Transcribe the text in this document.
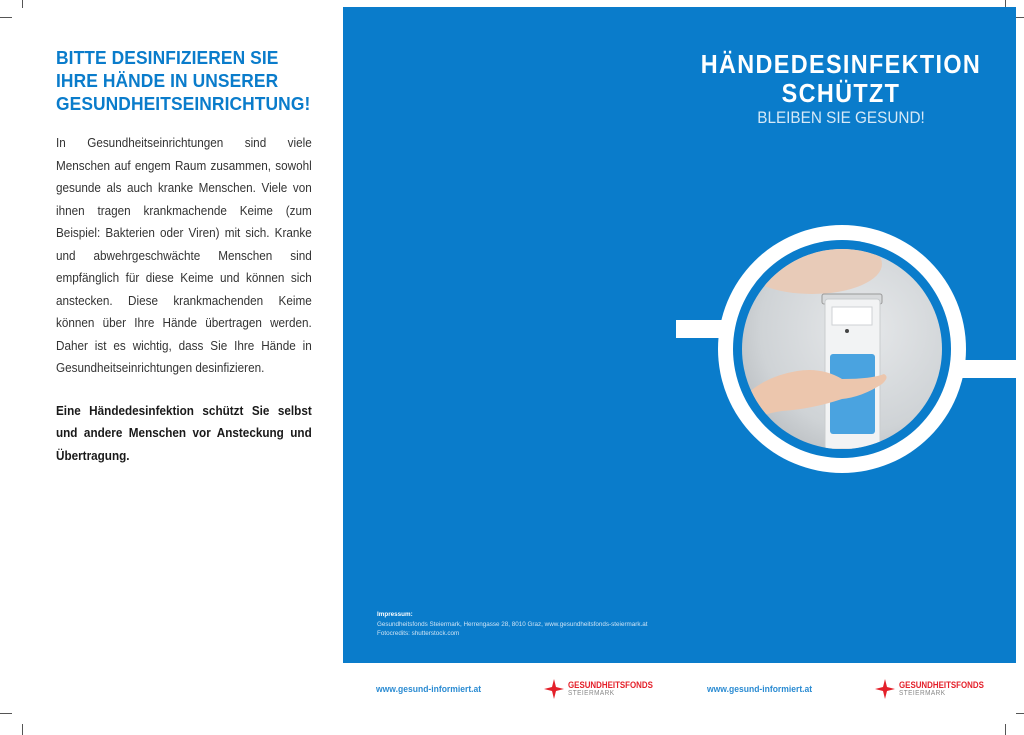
BITTE DESINFIZIEREN SIE
IHRE HÄNDE IN UNSERER
GESUNDHEITSEINRICHTUNG!

In Gesundheitseinrichtungen sind viele Menschen auf engem Raum zusammen, sowohl gesunde als auch kranke Menschen. Viele von ihnen tragen krankmachende Keime (zum Beispiel: Bakterien oder Viren) mit sich. Kranke und abwehrgeschwächte Menschen sind empfänglich für diese Keime und können sich anstecken. Diese krankmachenden Keime können über Ihre Hände übertragen werden. Daher ist es wichtig, dass Sie Ihre Hände in Gesundheitseinrichtungen desinfizieren.

Eine Händedesinfektion schützt Sie selbst und andere Menschen vor Ansteckung und Übertragung.

HÄNDEDESINFEKTION
SCHÜTZT
BLEIBEN SIE GESUND!
Impressum:
Gesundheitsfonds Steiermark, Herrengasse 28, 8010 Graz, www.gesundheitsfonds-steiermark.at
Fotocredits: shutterstock.com
www.gesund-informiert.at	GESUNDHEITSFONDS
STEIERMARK	www.gesund-informiert.at	GESUNDHEITSFONDS
STEIERMARK
